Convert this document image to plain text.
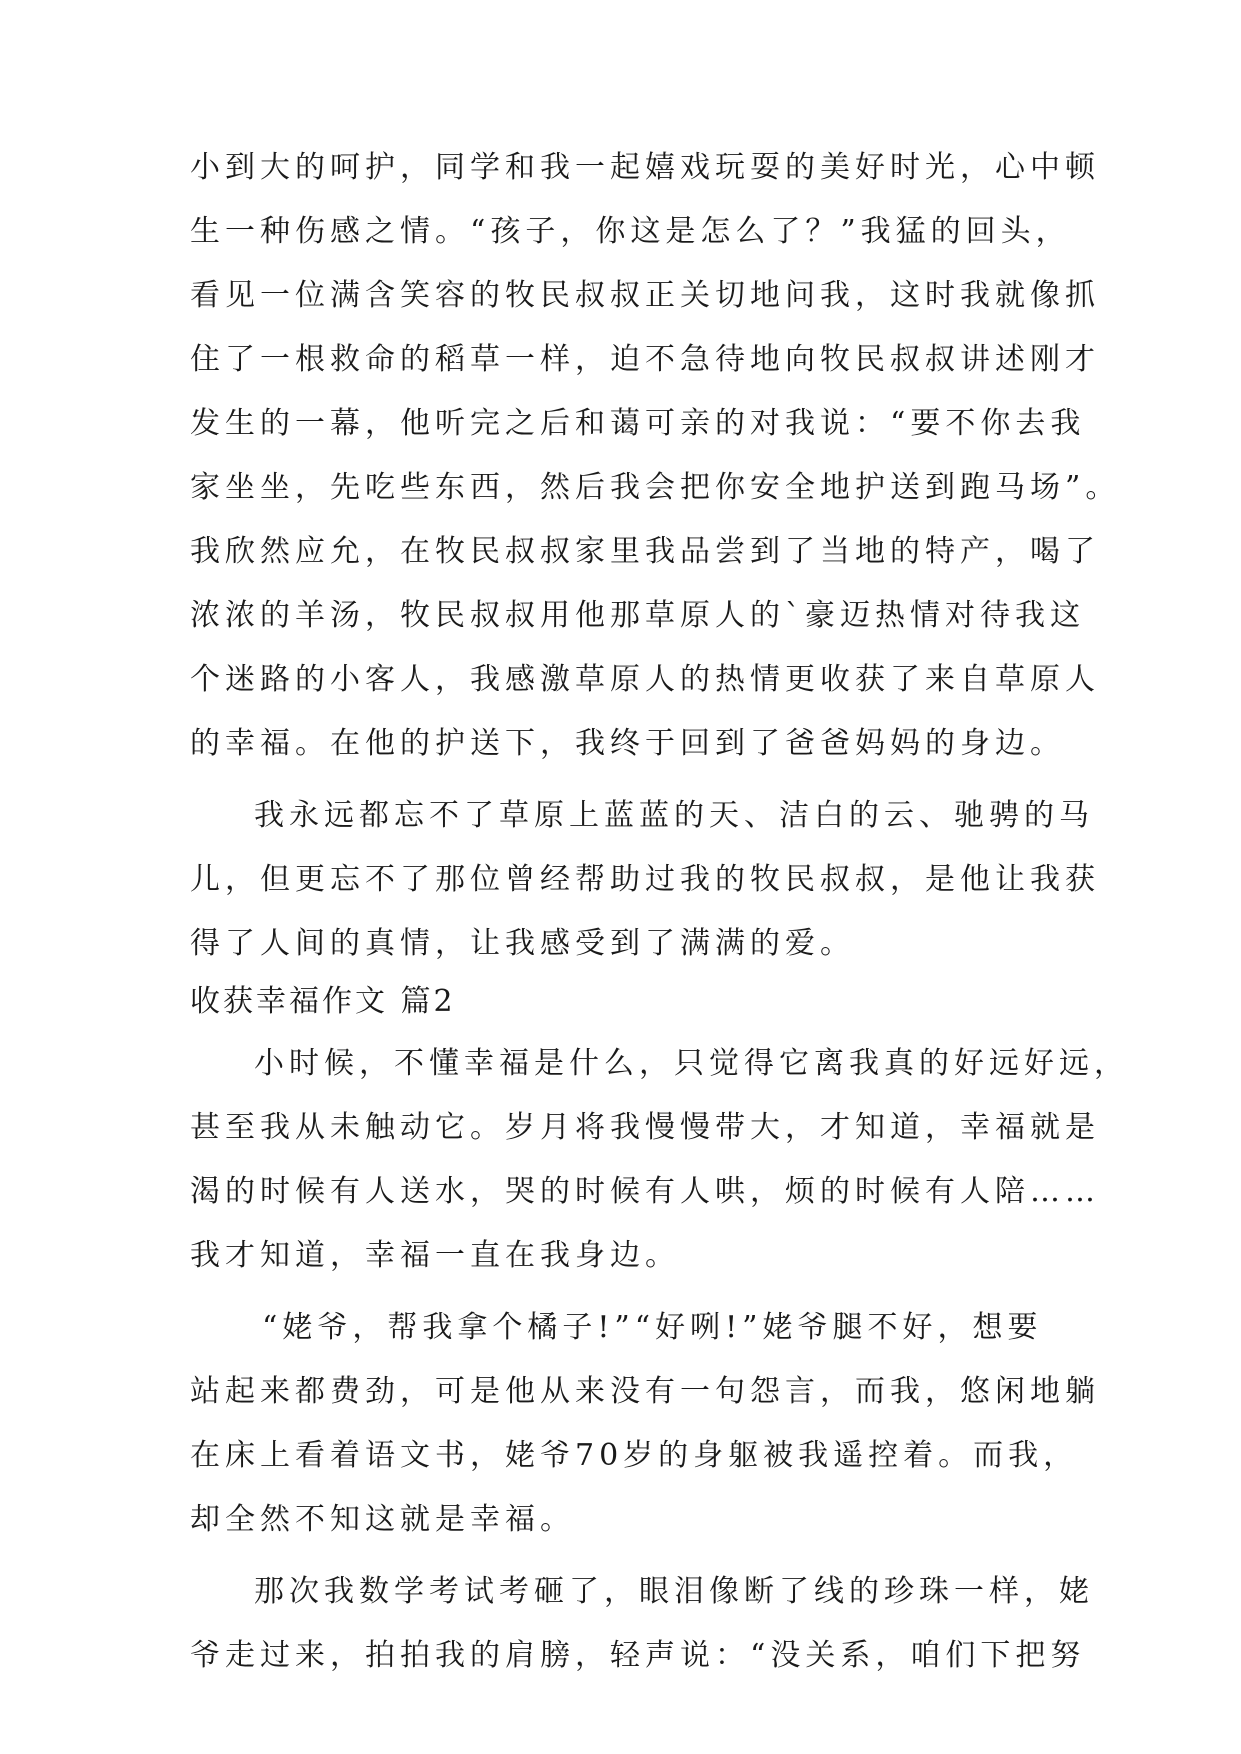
小到大的呵护，同学和我一起嬉戏玩耍的美好时光，心中顿
生一种伤感之情。“孩子，你这是怎么了？”我猛的回头，
看见一位满含笑容的牧民叔叔正关切地问我，这时我就像抓
住了一根救命的稻草一样，迫不急待地向牧民叔叔讲述刚才
发生的一幕，他听完之后和蔼可亲的对我说：“要不你去我
家坐坐，先吃些东西，然后我会把你安全地护送到跑马场”。
我欣然应允，在牧民叔叔家里我品尝到了当地的特产，喝了
浓浓的羊汤，牧民叔叔用他那草原人的`豪迈热情对待我这
个迷路的小客人，我感激草原人的热情更收获了来自草原人
的幸福。在他的护送下，我终于回到了爸爸妈妈的身边。
我永远都忘不了草原上蓝蓝的天、洁白的云、驰骋的马
儿，但更忘不了那位曾经帮助过我的牧民叔叔，是他让我获
得了人间的真情，让我感受到了满满的爱。
收获幸福作文 篇2
小时候，不懂幸福是什么，只觉得它离我真的好远好远，
甚至我从未触动它。岁月将我慢慢带大，才知道，幸福就是
渴的时候有人送水，哭的时候有人哄，烦的时候有人陪……
我才知道，幸福一直在我身边。
“姥爷，帮我拿个橘子!”“好咧!”姥爷腿不好，想要
站起来都费劲，可是他从来没有一句怨言，而我，悠闲地躺
在床上看着语文书，姥爷70岁的身躯被我遥控着。而我，
却全然不知这就是幸福。
那次我数学考试考砸了，眼泪像断了线的珍珠一样，姥
爷走过来，拍拍我的肩膀，轻声说：“没关系，咱们下把努
